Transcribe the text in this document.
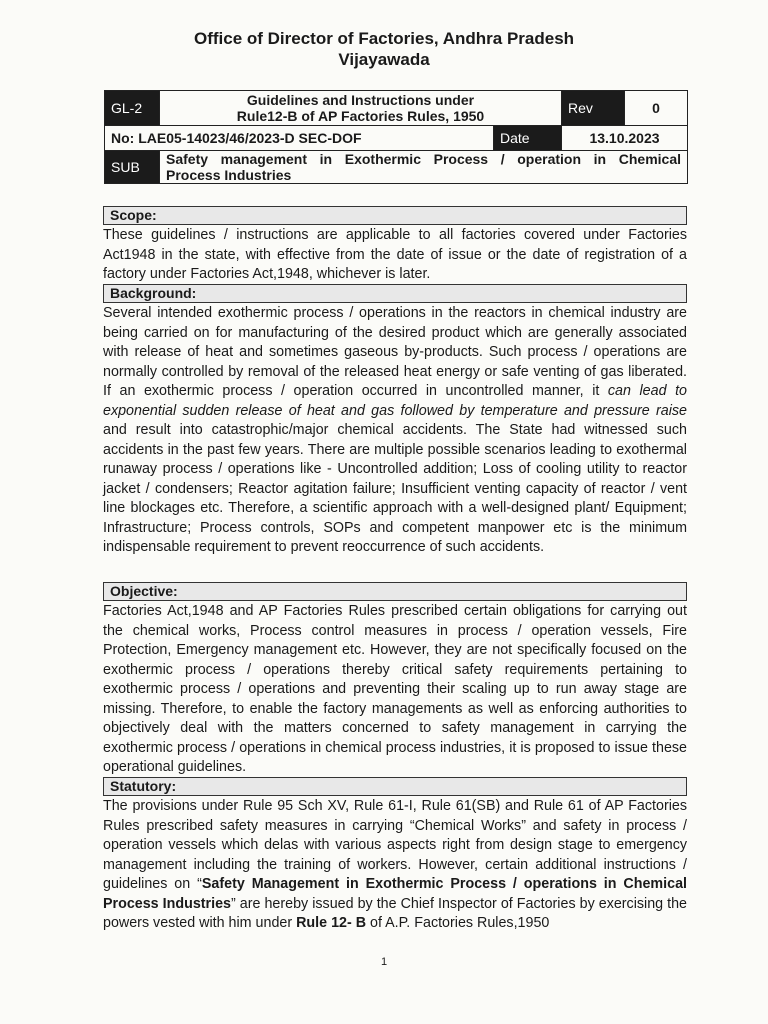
Office of Director of Factories, Andhra Pradesh
Vijayawada
GL-2	Guidelines and Instructions under
Rule12-B of AP Factories Rules, 1950		Rev	0
No: LAE05-14023/46/2023-D SEC-DOF		Date	13.10.2023	
SUB	Safety management in Exothermic Process / operation in Chemical
Process Industries			
Scope:

These guidelines / instructions are applicable to all factories covered under Factories Act1948 in the state, with effective from the date of issue or the date of registration of a factory under Factories Act,1948, whichever is later.

Background:

Several intended exothermic process / operations in the reactors in chemical industry are being carried on for manufacturing of the desired product which are generally associated with release of heat and sometimes gaseous by-products. Such process / operations are normally controlled by removal of the released heat energy or safe venting of gas liberated. If an exothermic process / operation occurred in uncontrolled manner, it can lead to exponential sudden release of heat and gas followed by temperature and pressure raise and result into catastrophic/major chemical accidents. The State had witnessed such accidents in the past few years. There are multiple possible scenarios leading to exothermal runaway process / operations like - Uncontrolled addition; Loss of cooling utility to reactor jacket / condensers; Reactor agitation failure; Insufficient venting capacity of reactor / vent line blockages etc. Therefore, a scientific approach with a well-designed plant/ Equipment; Infrastructure; Process controls, SOPs and competent manpower etc is the minimum indispensable requirement to prevent reoccurrence of such accidents.

Objective:

Factories Act,1948 and AP Factories Rules prescribed certain obligations for carrying out the chemical works, Process control measures in process / operation vessels, Fire Protection, Emergency management etc. However, they are not specifically focused on the exothermic process / operations thereby critical safety requirements pertaining to exothermic process / operations and preventing their scaling up to run away stage are missing. Therefore, to enable the factory managements as well as enforcing authorities to objectively deal with the matters concerned to safety management in carrying the exothermic process / operations in chemical process industries, it is proposed to issue these operational guidelines.

Statutory:

The provisions under Rule 95 Sch XV, Rule 61-I, Rule 61(SB) and Rule 61 of AP Factories Rules prescribed safety measures in carrying “Chemical Works” and safety in process / operation vessels which delas with various aspects right from design stage to emergency management including the training of workers. However, certain additional instructions / guidelines on “Safety Management in Exothermic Process / operations in Chemical Process Industries” are hereby issued by the Chief Inspector of Factories by exercising the powers vested with him under Rule 12- B of A.P. Factories Rules,1950

1
